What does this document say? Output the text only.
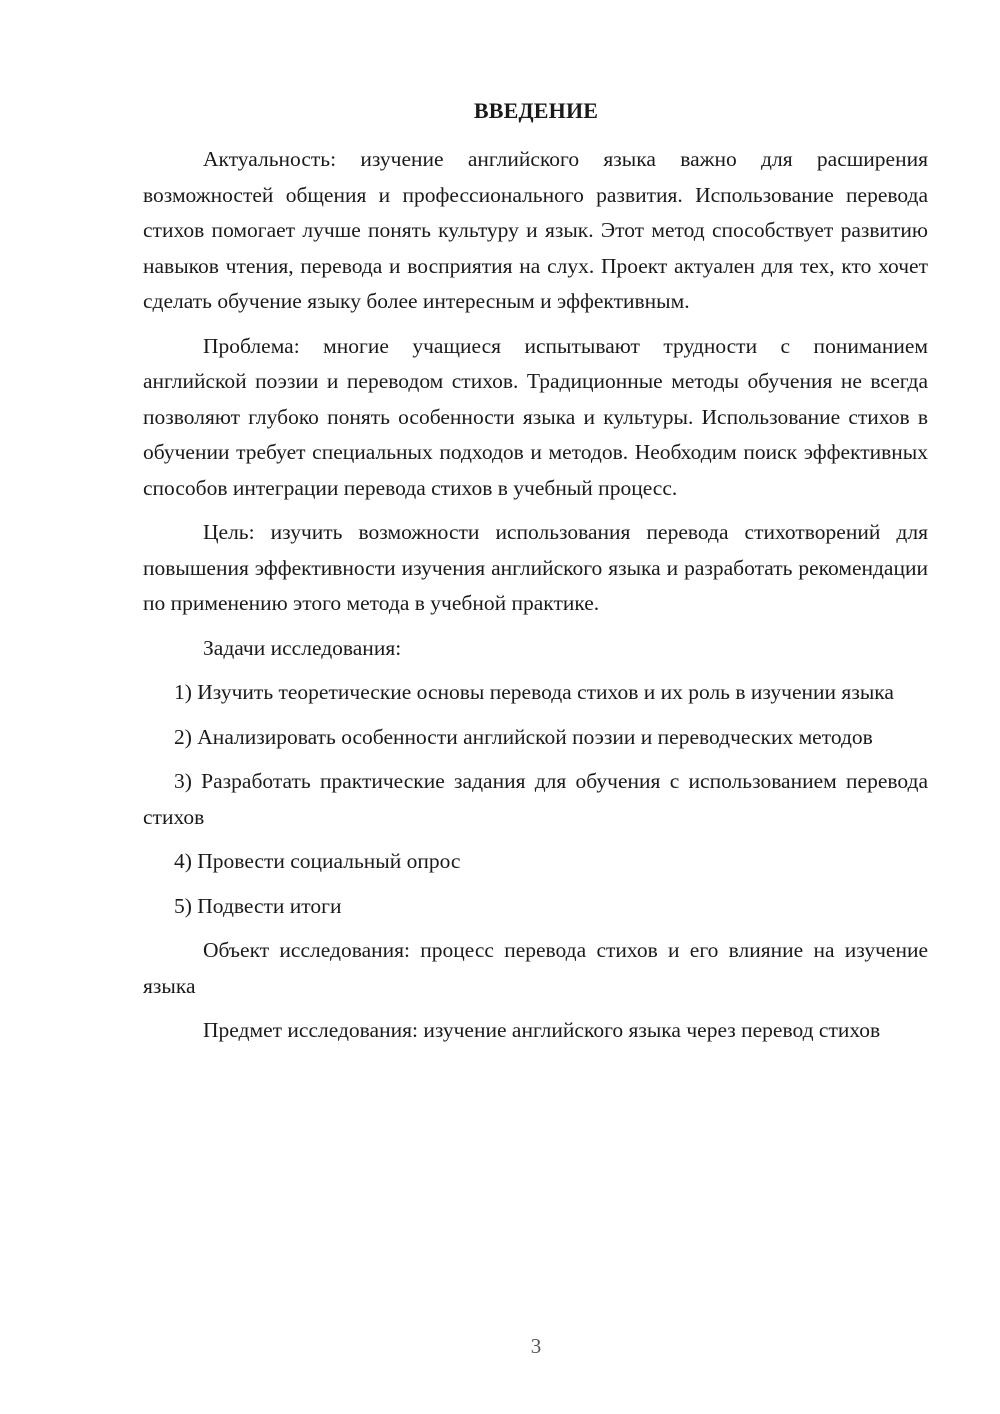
ВВЕДЕНИЕ

Актуальность: изучение английского языка важно для расширения возможностей общения и профессионального развития. Использование перевода стихов помогает лучше понять культуру и язык. Этот метод способствует развитию навыков чтения, перевода и восприятия на слух. Проект актуален для тех, кто хочет сделать обучение языку более интересным и эффективным.

Проблема: многие учащиеся испытывают трудности с пониманием английской поэзии и переводом стихов. Традиционные методы обучения не всегда позволяют глубоко понять особенности языка и культуры. Использование стихов в обучении требует специальных подходов и методов. Необходим поиск эффективных способов интеграции перевода стихов в учебный процесс.

Цель: изучить возможности использования перевода стихотворений для повышения эффективности изучения английского языка и разработать рекомендации по применению этого метода в учебной практике.

Задачи исследования:

1) Изучить теоретические основы перевода стихов и их роль в изучении языка

2) Анализировать особенности английской поэзии и переводческих методов

3) Разработать практические задания для обучения с использованием перевода стихов

4) Провести социальный опрос

5) Подвести итоги

Объект исследования: процесс перевода стихов и его влияние на изучение языка

Предмет исследования: изучение английского языка через перевод стихов

3
